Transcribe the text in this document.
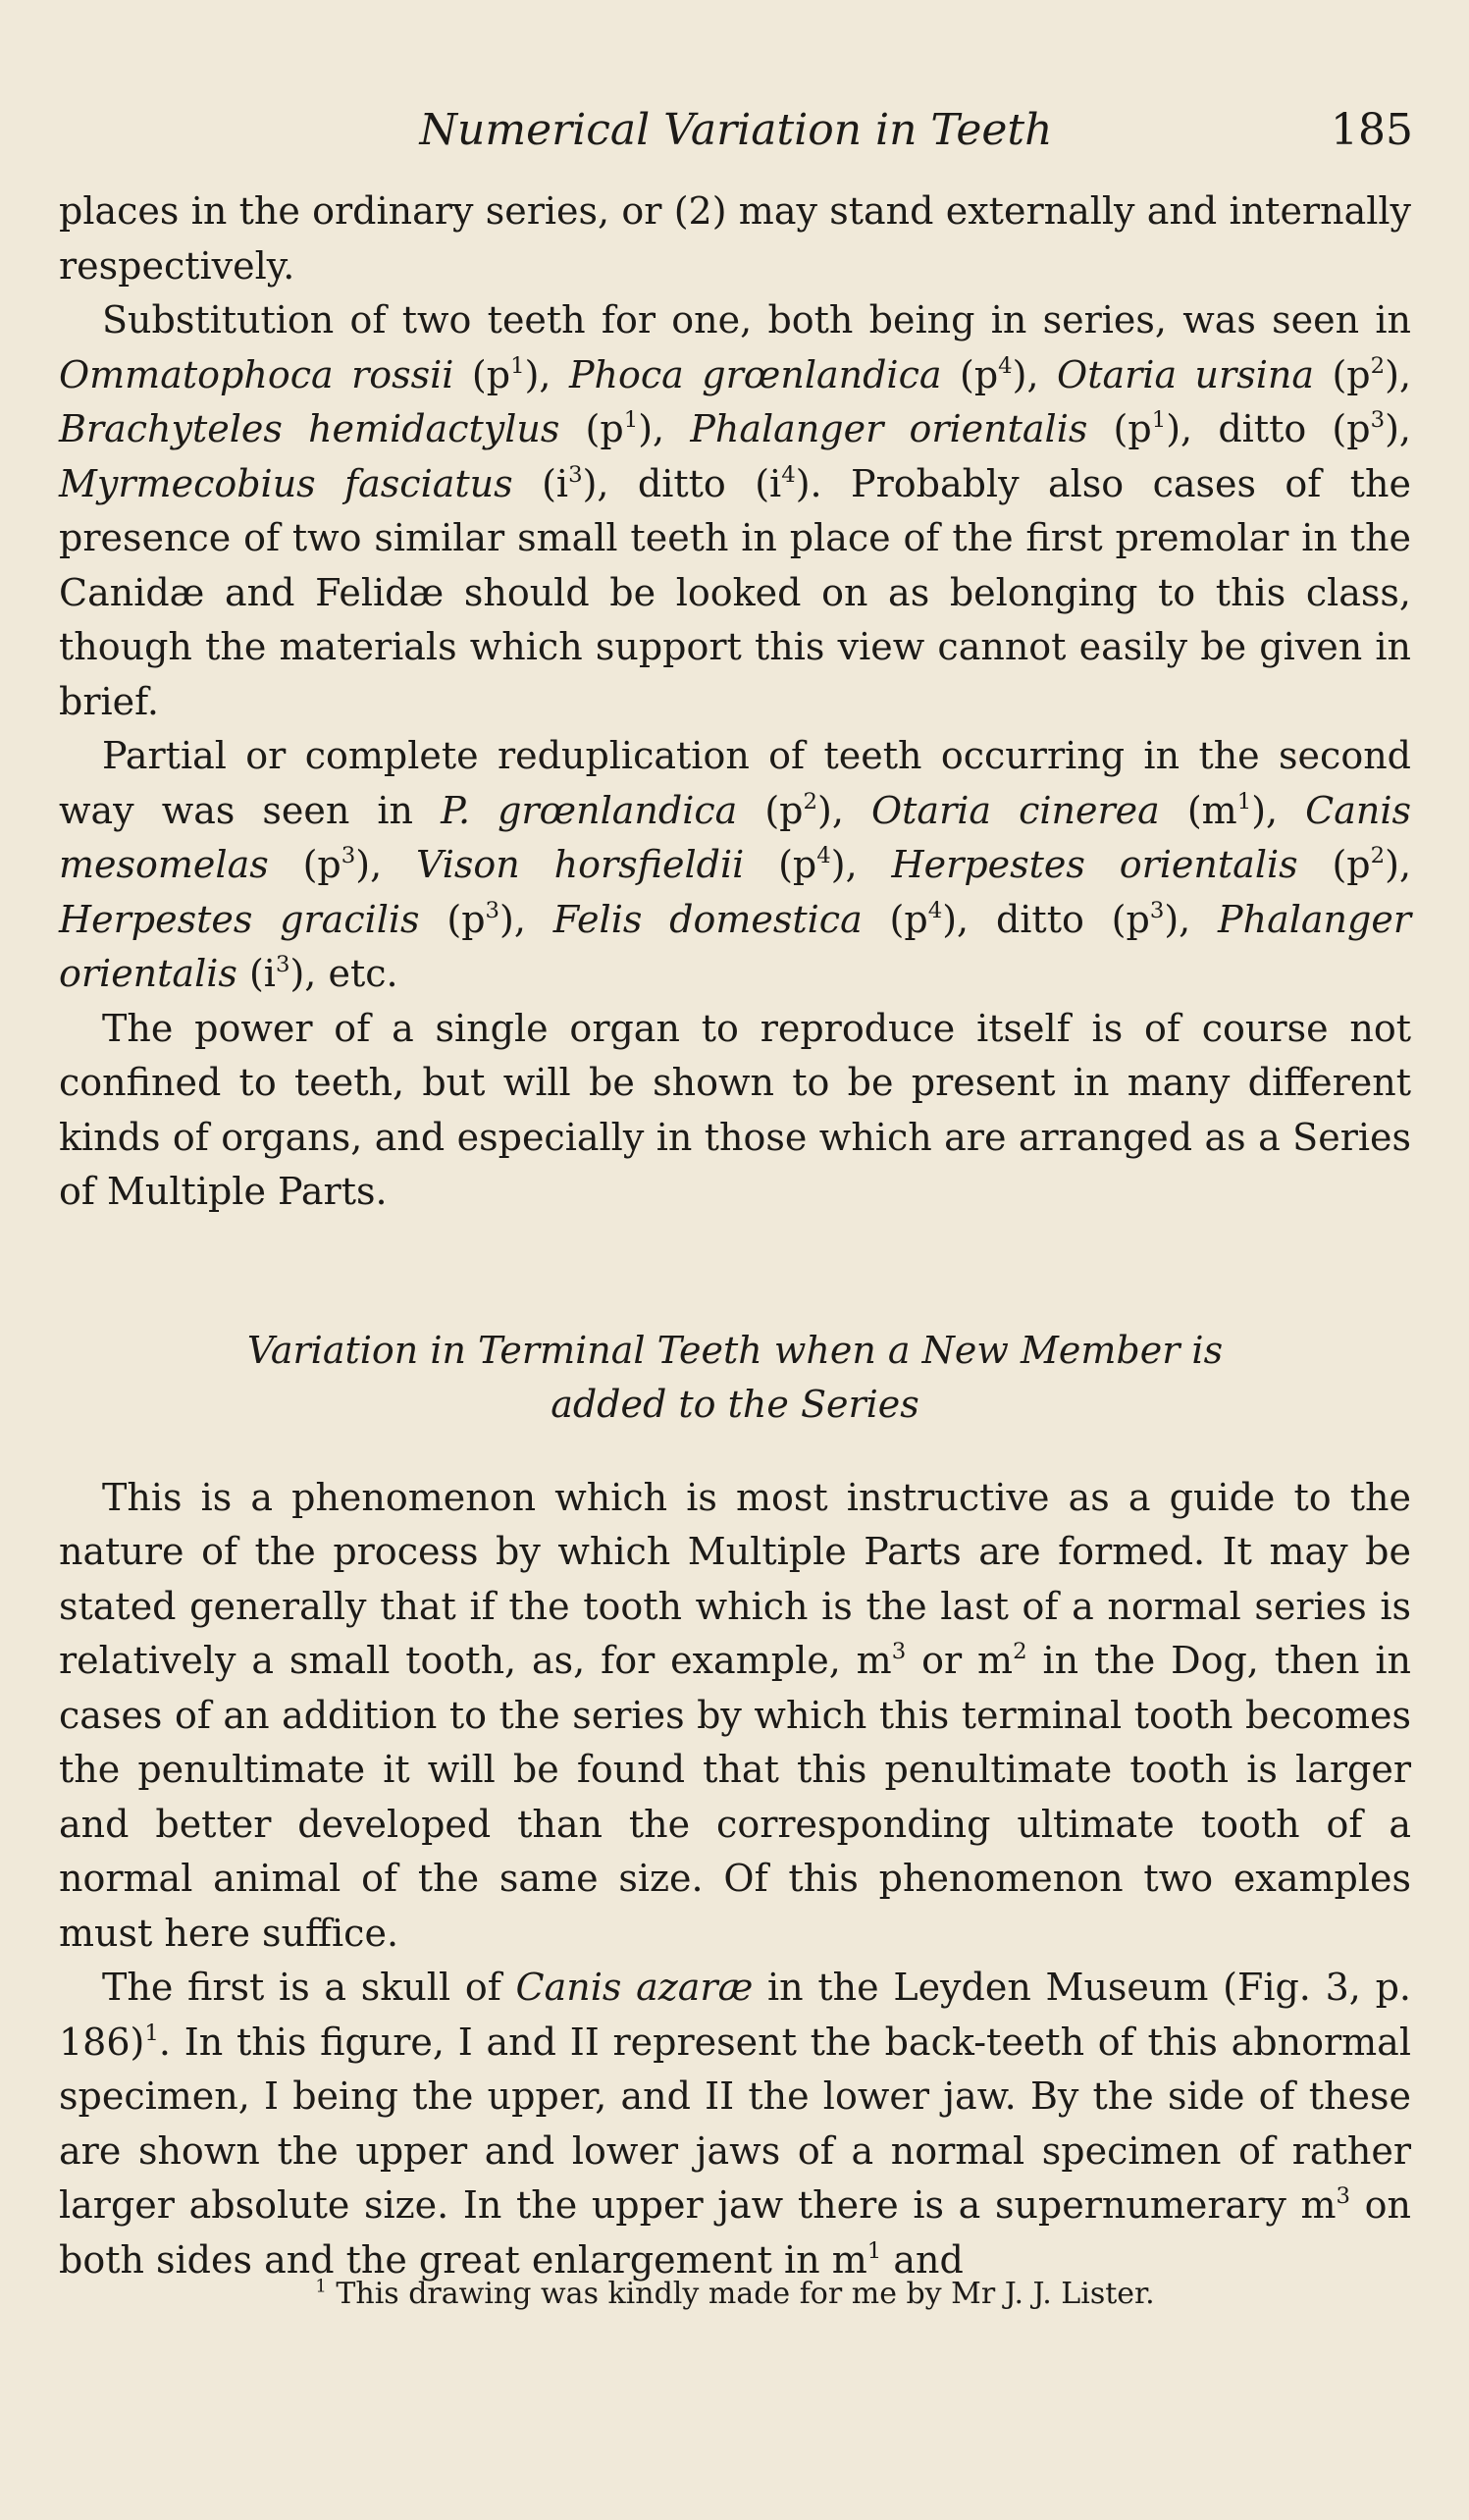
Numerical Variation in Teeth	185

places in the ordinary series, or (2) may stand externally and internally respectively.

Substitution of two teeth for one, both being in series, was seen in Ommatophoca rossii $(p^1)$, Phoca grœnlandica $(p^4)$, Otaria ursina $(p^2)$, Brachyteles hemidactylus $(p^1)$, Phalanger orientalis $(p^1)$, ditto $(p^3)$, Myrmecobius fasciatus $(i^3)$, ditto $(i^4)$. Probably also cases of the presence of two similar small teeth in place of the first premolar in the Canidæ and Felidæ should be looked on as belonging to this class, though the materials which support this view cannot easily be given in brief.

Partial or complete reduplication of teeth occurring in the second way was seen in P. grœnlandica $(p^2)$, Otaria cinerea $(m^1)$, Canis mesomelas $(p^3)$, Vison horsfieldii $(p^4)$, Herpestes orientalis $(p^2)$, Herpestes gracilis $(p^3)$, Felis domestica $(p^4)$, ditto $(p^3)$, Phalanger orientalis $(i^3)$, etc.

The power of a single organ to reproduce itself is of course not confined to teeth, but will be shown to be present in many different kinds of organs, and especially in those which are arranged as a Series of Multiple Parts.

Variation in Terminal Teeth when a New Member is
added to the Series

This is a phenomenon which is most instructive as a guide to the nature of the process by which Multiple Parts are formed. It may be stated generally that if the tooth which is the last of a normal series is relatively a small tooth, as, for example, $m^3$ or $m^2$ in the Dog, then in cases of an addition to the series by which this terminal tooth becomes the penultimate it will be found that this penultimate tooth is larger and better developed than the corresponding ultimate tooth of a normal animal of the same size. Of this phenomenon two examples must here suffice.

The first is a skull of Canis azaræ in the Leyden Museum (Fig. 3, p. 186)$^1$. In this figure, I and II represent the back-teeth of this abnormal specimen, I being the upper, and II the lower jaw. By the side of these are shown the upper and lower jaws of a normal specimen of rather larger absolute size. In the upper jaw there is a supernumerary $m^3$ on both sides and the great enlargement in $m^1$ and

$^1$ This drawing was kindly made for me by Mr J. J. Lister.
